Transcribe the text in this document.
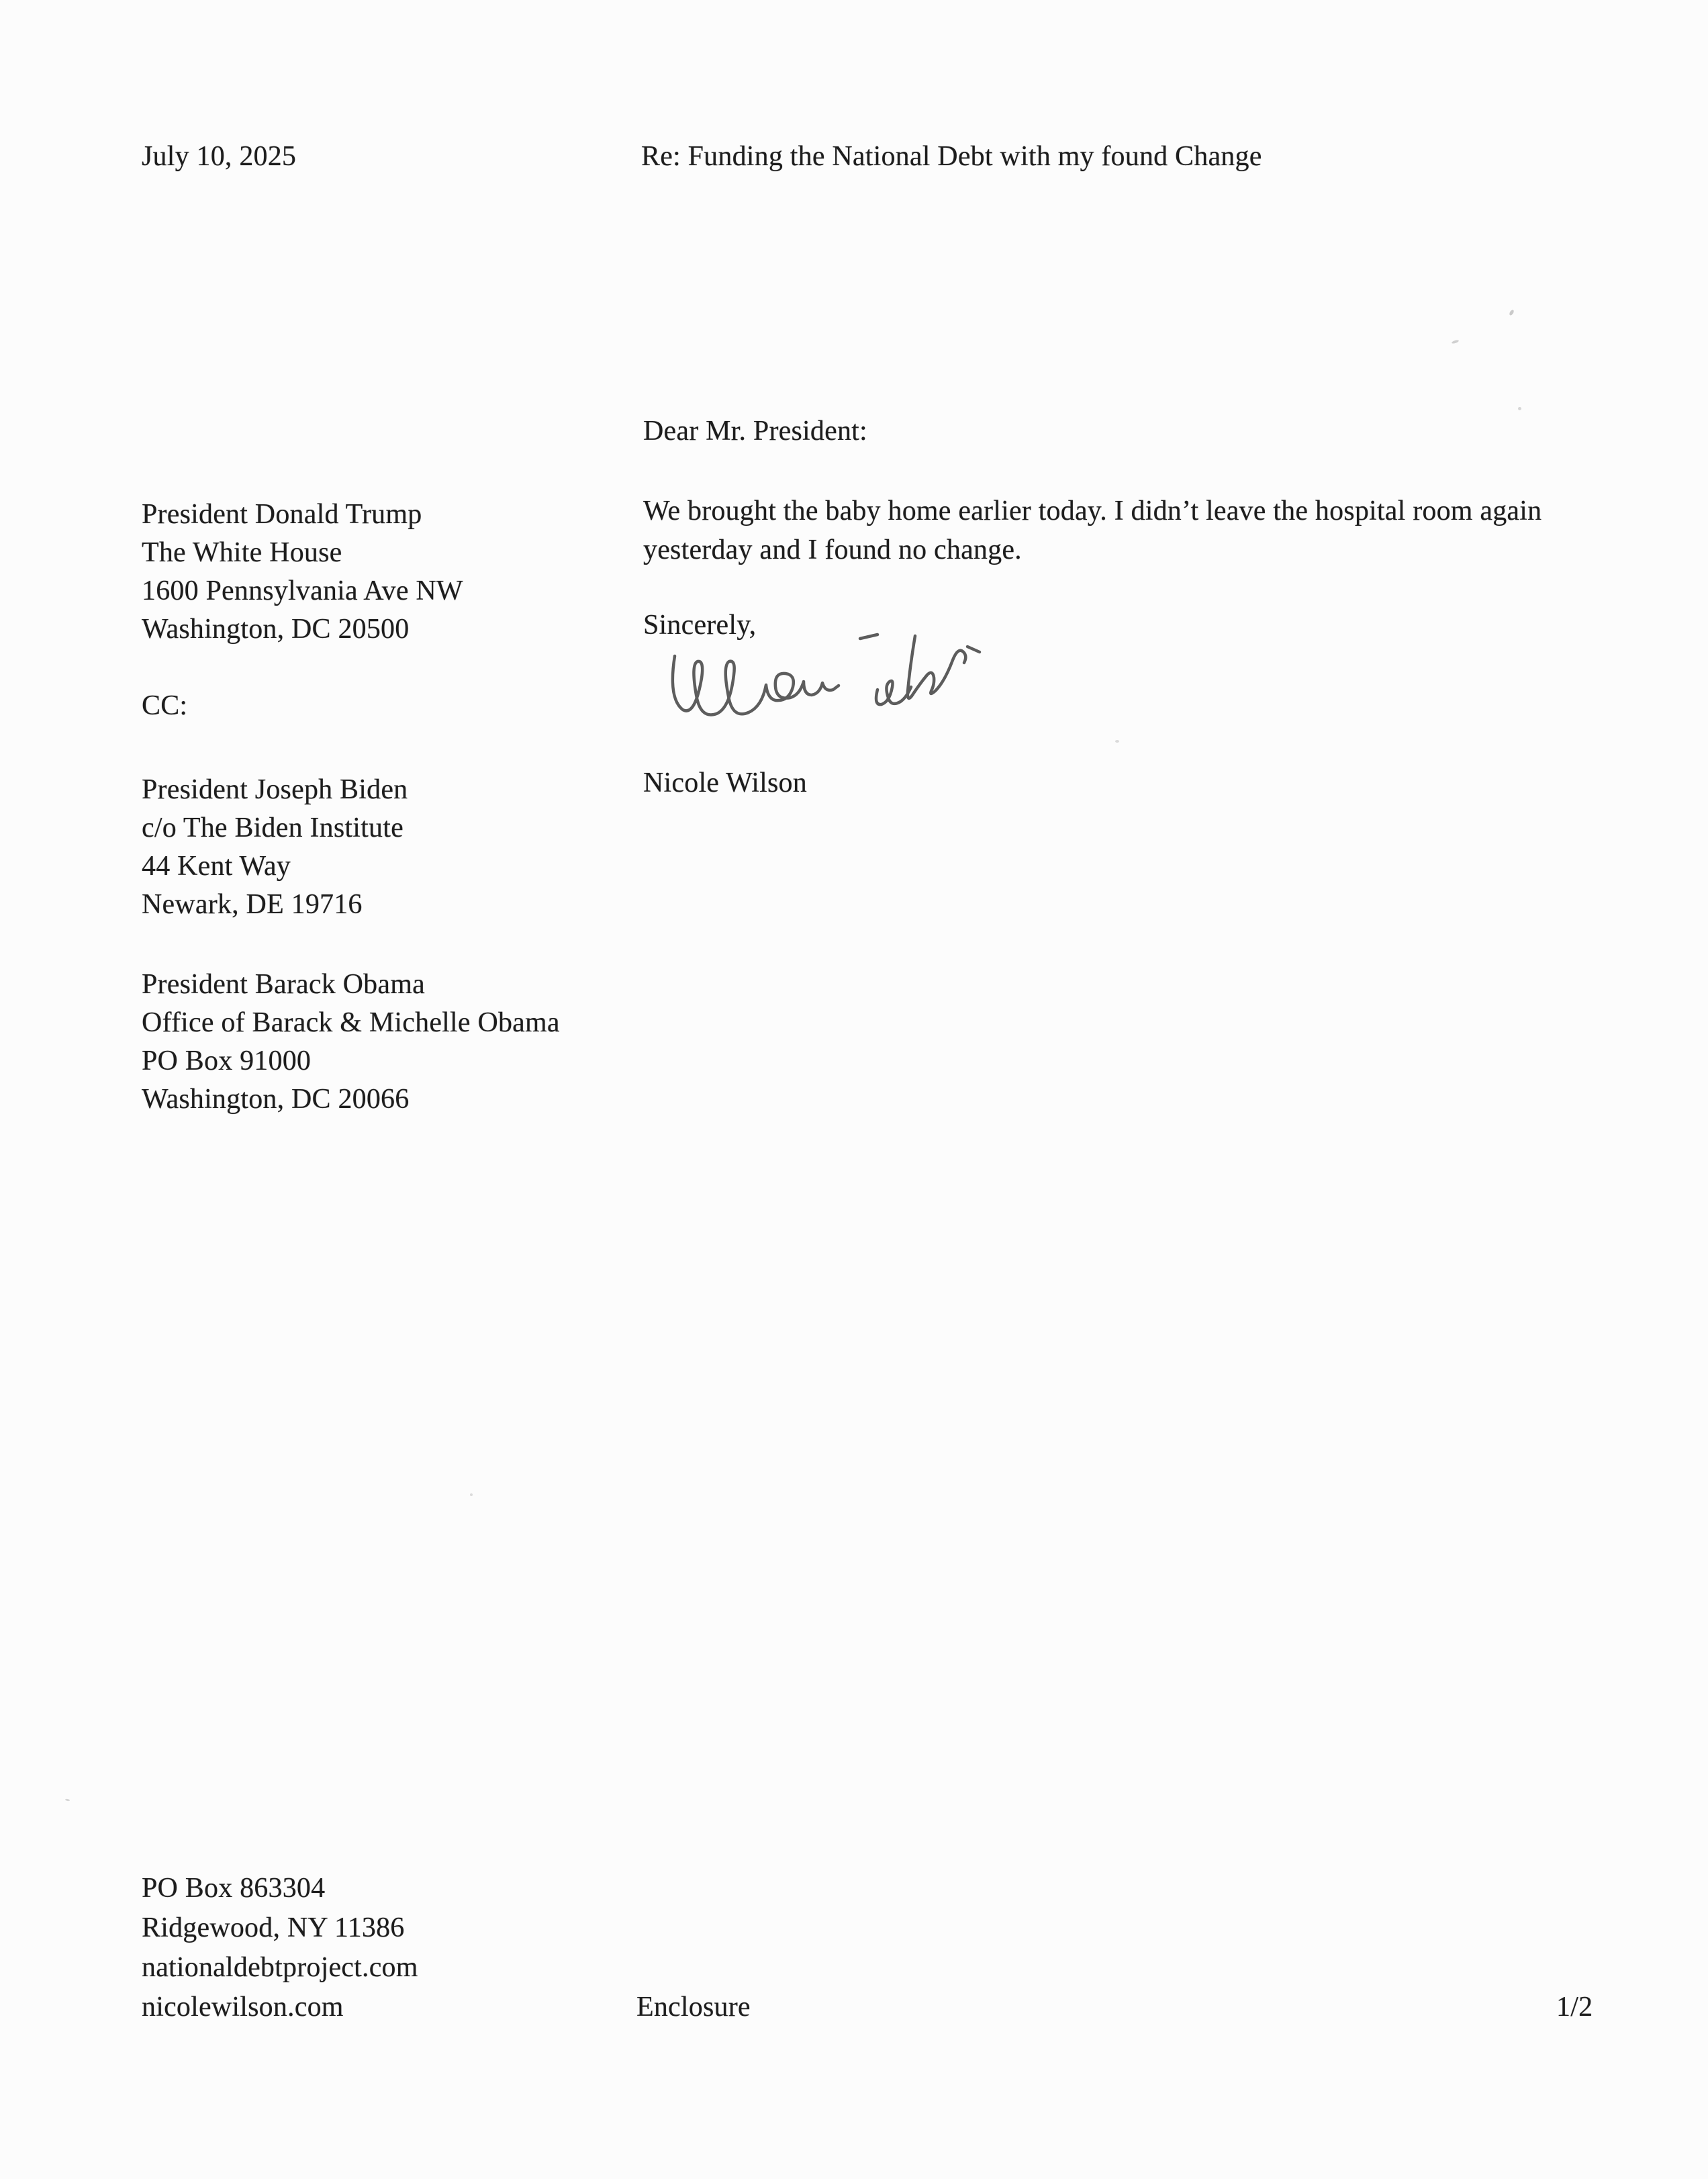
July 10, 2025	Re: Funding the National Debt with my found Change
Dear Mr. President:
President Donald Trump
The White House
1600 Pennsylvania Ave NW
Washington, DC 20500
CC:
President Joseph Biden
c/o The Biden Institute
44 Kent Way
Newark, DE 19716
President Barack Obama
Office of Barack & Michelle Obama
PO Box 91000
Washington, DC 20066
We brought the baby home earlier today. I didn’t leave the hospital room again
yesterday and I found no change.
Sincerely,
Nicole Wilson
PO Box 863304
Ridgewood, NY 11386
nationaldebtproject.com
nicolewilson.com	Enclosure	1/2
